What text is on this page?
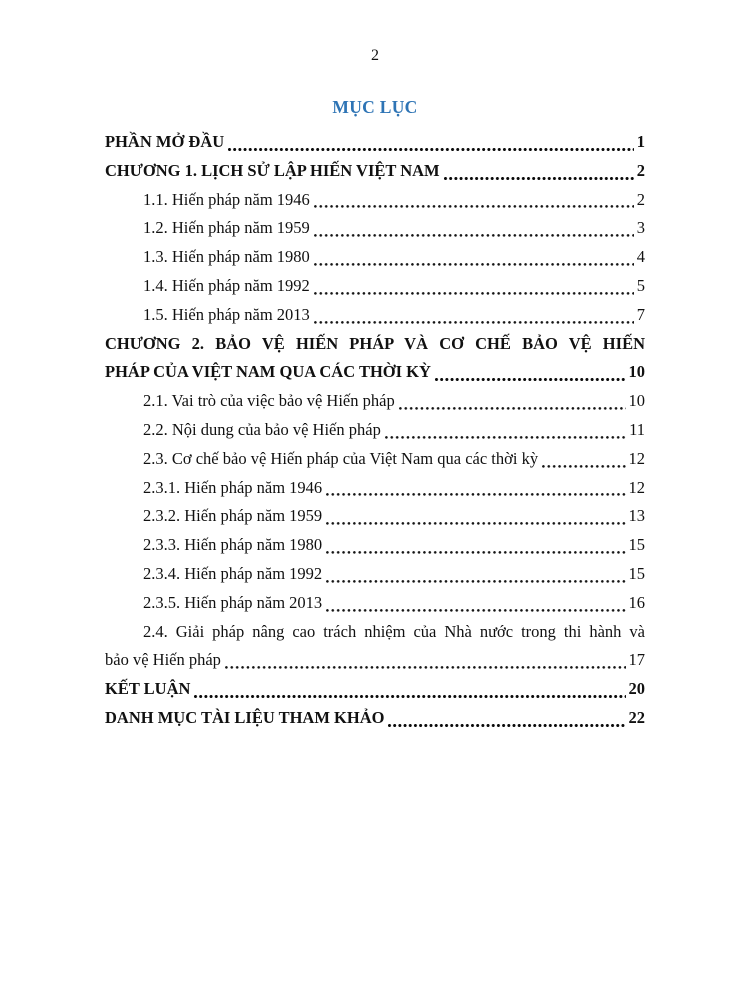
2
MỤC LỤC
PHẦN MỞ ĐẦU	1
CHƯƠNG 1. LỊCH SỬ LẬP HIẾN VIỆT NAM	2
1.1. Hiến pháp năm 1946	2
1.2. Hiến pháp năm 1959	3
1.3. Hiến pháp năm 1980	4
1.4. Hiến pháp năm 1992	5
1.5. Hiến pháp năm 2013	7
CHƯƠNG 2. BẢO VỆ HIẾN PHÁP VÀ CƠ CHẾ BẢO VỆ HIẾN
PHÁP CỦA VIỆT NAM QUA CÁC THỜI KỲ	10
2.1. Vai trò của việc bảo vệ Hiến pháp	10
2.2. Nội dung của bảo vệ Hiến pháp	11
2.3. Cơ chế bảo vệ Hiến pháp của Việt Nam qua các thời kỳ	12
2.3.1. Hiến pháp năm 1946	12
2.3.2. Hiến pháp năm 1959	13
2.3.3. Hiến pháp năm 1980	15
2.3.4. Hiến pháp năm 1992	15
2.3.5. Hiến pháp năm 2013	16
2.4. Giải pháp nâng cao trách nhiệm của Nhà nước trong thi hành và
bảo vệ Hiến pháp	17
KẾT LUẬN	20
DANH MỤC TÀI LIỆU THAM KHẢO	22
